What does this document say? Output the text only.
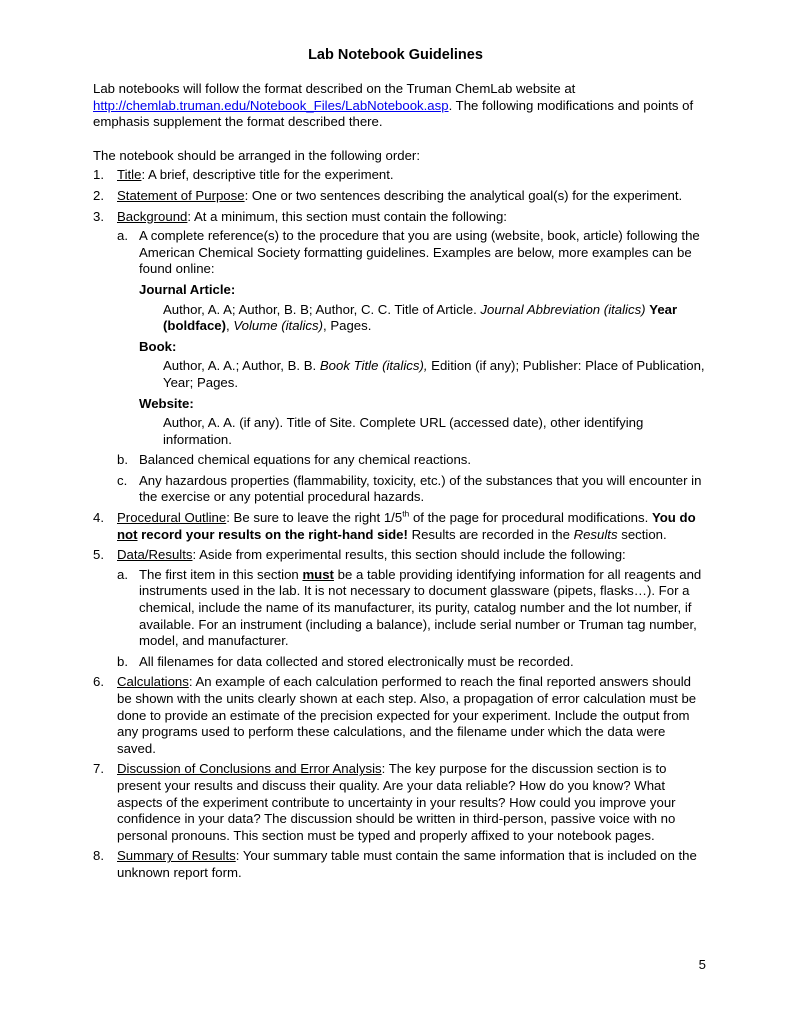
Lab Notebook Guidelines

Lab notebooks will follow the format described on the Truman ChemLab website at http://chemlab.truman.edu/Notebook_Files/LabNotebook.asp. The following modifications and points of emphasis supplement the format described there.

The notebook should be arranged in the following order:

1. Title: A brief, descriptive title for the experiment.
2. Statement of Purpose: One or two sentences describing the analytical goal(s) for the experiment.
3. Background: At a minimum, this section must contain the following:
a. A complete reference(s) to the procedure that you are using (website, book, article) following the American Chemical Society formatting guidelines. Examples are below, more examples can be found online:
Journal Article:
Author, A. A; Author, B. B; Author, C. C. Title of Article. Journal Abbreviation (italics) Year (boldface), Volume (italics), Pages.
Book:
Author, A. A.; Author, B. B. Book Title (italics), Edition (if any); Publisher: Place of Publication, Year; Pages.
Website:
Author, A. A. (if any). Title of Site. Complete URL (accessed date), other identifying information.
b. Balanced chemical equations for any chemical reactions.
c. Any hazardous properties (flammability, toxicity, etc.) of the substances that you will encounter in the exercise or any potential procedural hazards.
4. Procedural Outline: Be sure to leave the right 1/5th of the page for procedural modifications. You do not record your results on the right-hand side! Results are recorded in the Results section.
5. Data/Results: Aside from experimental results, this section should include the following:
a. The first item in this section must be a table providing identifying information for all reagents and instruments used in the lab. It is not necessary to document glassware (pipets, flasks…). For a chemical, include the name of its manufacturer, its purity, catalog number and the lot number, if available. For an instrument (including a balance), include serial number or Truman tag number, model, and manufacturer.
b. All filenames for data collected and stored electronically must be recorded.
6. Calculations: An example of each calculation performed to reach the final reported answers should be shown with the units clearly shown at each step. Also, a propagation of error calculation must be done to provide an estimate of the precision expected for your experiment. Include the output from any programs used to perform these calculations, and the filename under which the data were saved.
7. Discussion of Conclusions and Error Analysis: The key purpose for the discussion section is to present your results and discuss their quality. Are your data reliable? How do you know? What aspects of the experiment contribute to uncertainty in your results? How could you improve your confidence in your data? The discussion should be written in third-person, passive voice with no personal pronouns. This section must be typed and properly affixed to your notebook pages.
8. Summary of Results: Your summary table must contain the same information that is included on the unknown report form.
5
